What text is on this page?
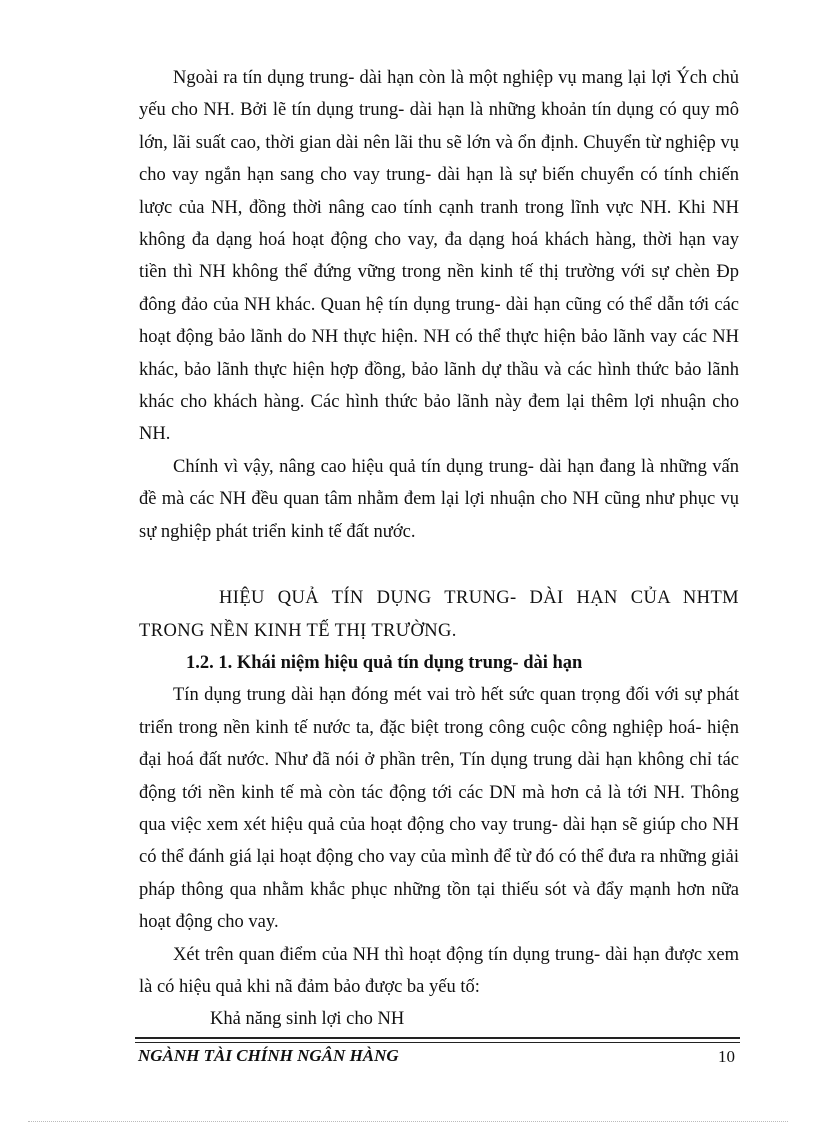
Ngoài ra tín dụng trung- dài hạn còn là một nghiệp vụ mang lại lợi Ých chủ yếu cho NH. Bởi lẽ tín dụng trung- dài hạn là những khoản tín dụng có quy mô lớn, lãi suất cao, thời gian dài nên lãi thu sẽ lớn và ổn định. Chuyển từ nghiệp vụ cho vay ngắn hạn sang cho vay trung- dài hạn là sự biến chuyển có tính chiến lược của NH, đồng thời nâng cao tính cạnh tranh trong lĩnh vực NH. Khi NH không đa dạng hoá hoạt động cho vay, đa dạng hoá khách hàng, thời hạn vay tiền thì NH không thể đứng vững trong nền kinh tế thị trường với sự chèn Ðp đông đảo của NH khác. Quan hệ tín dụng trung- dài hạn cũng có thể dẫn tới các hoạt động bảo lãnh do NH thực hiện. NH có thể thực hiện bảo lãnh vay các NH khác, bảo lãnh thực hiện hợp đồng, bảo lãnh dự thầu và các hình thức bảo lãnh khác cho khách hàng. Các hình thức bảo lãnh này đem lại thêm lợi nhuận cho NH.

Chính vì vậy, nâng cao hiệu quả tín dụng trung- dài hạn đang là những vấn đề mà các NH đều quan tâm nhằm đem lại lợi nhuận cho NH cũng như phục vụ sự nghiệp phát triển kinh tế đất nước.

HIỆU QUẢ TÍN DỤNG TRUNG- DÀI HẠN CỦA NHTM TRONG NỀN KINH TẾ THỊ TRƯỜNG.

1.2. 1. Khái niệm hiệu quả tín dụng trung- dài hạn

Tín dụng trung dài hạn đóng mét vai trò hết sức quan trọng đối với sự phát triển trong nền kinh tế nước ta, đặc biệt trong công cuộc công nghiệp hoá- hiện đại hoá đất nước. Như đã nói ở phần trên, Tín dụng trung dài hạn không chỉ tác động tới nền kinh tế mà còn tác động tới các DN mà hơn cả là tới NH. Thông qua việc xem xét hiệu quả của hoạt động cho vay trung- dài hạn sẽ giúp cho NH có thể đánh giá lại hoạt động cho vay của mình để từ đó có thể đưa ra những giải pháp thông qua nhằm khắc phục những tồn tại thiếu sót và đẩy mạnh hơn nữa hoạt động cho vay.

Xét trên quan điểm của NH thì hoạt động tín dụng trung- dài hạn được xem là có hiệu quả khi nã đảm bảo được ba yếu tố:

Khả năng sinh lợi cho NH

NGÀNH TÀI CHÍNH NGÂN HÀNG	10
